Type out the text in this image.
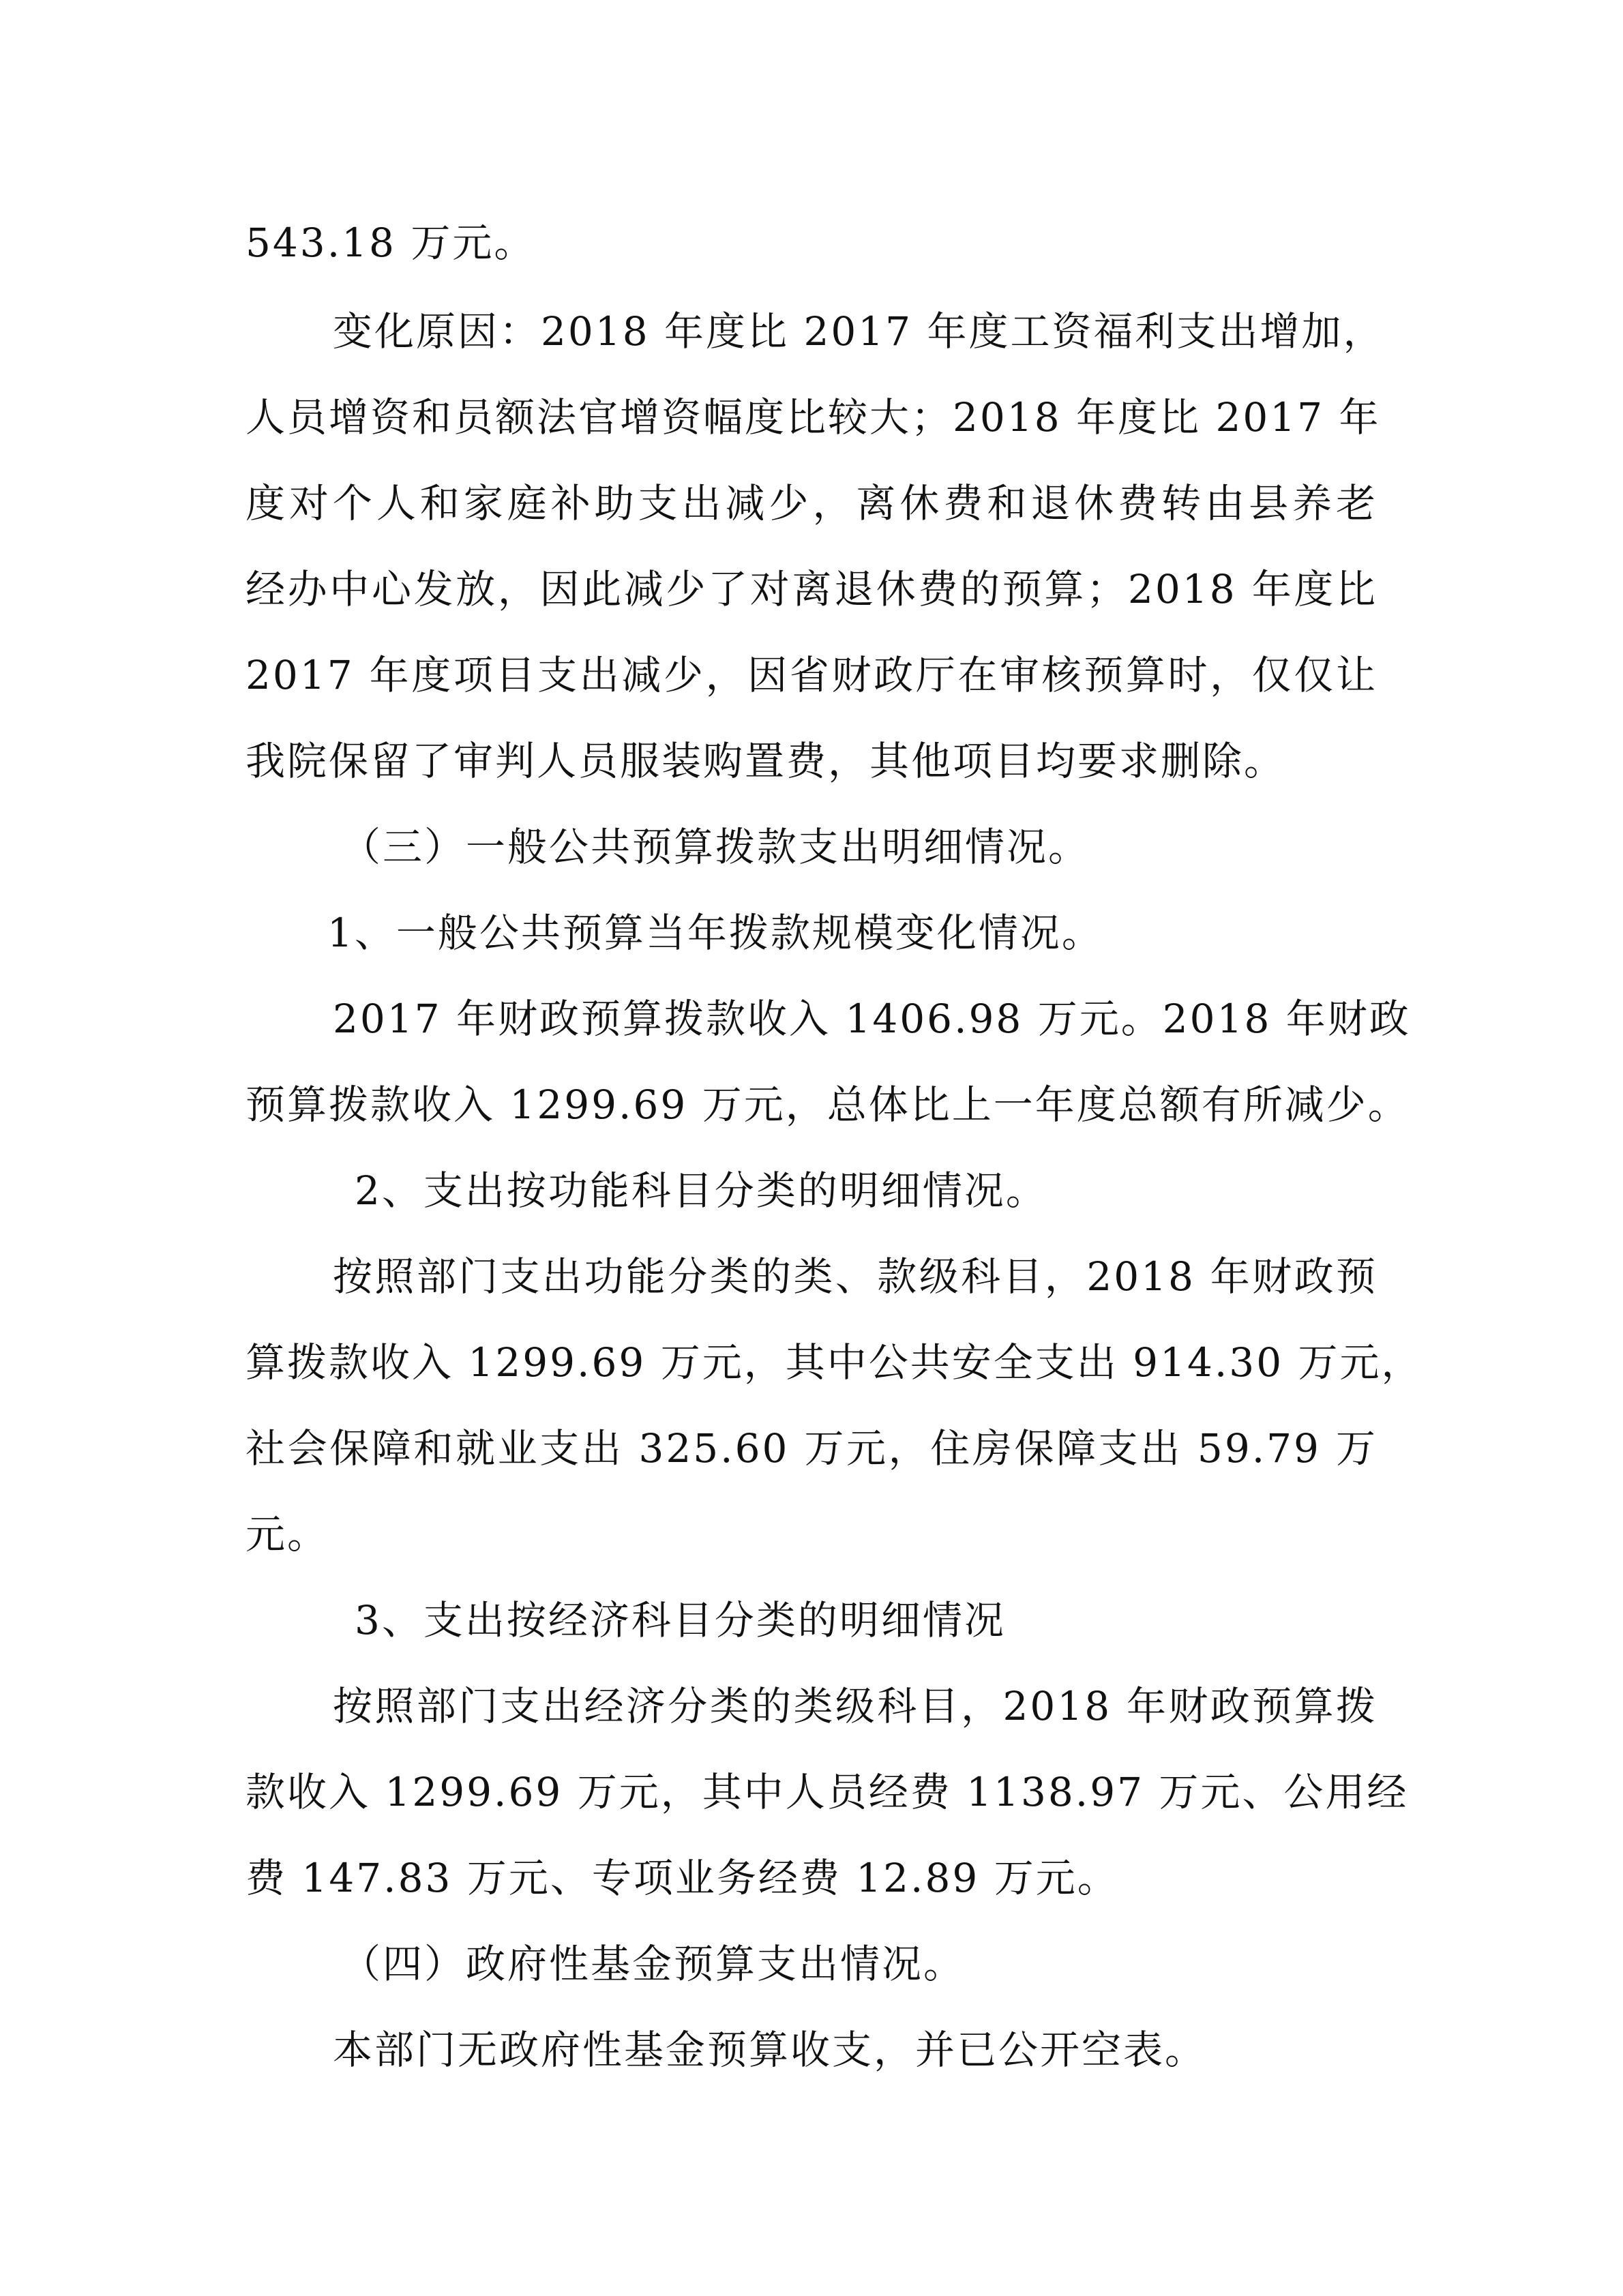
543.18 万元。
变化原因：2018 年度比 2017 年度工资福利支出增加，
人员增资和员额法官增资幅度比较大；2018 年度比 2017 年
度对个人和家庭补助支出减少，离休费和退休费转由县养老
经办中心发放，因此减少了对离退休费的预算；2018 年度比
2017 年度项目支出减少，因省财政厅在审核预算时，仅仅让
我院保留了审判人员服装购置费，其他项目均要求删除。
（三）一般公共预算拨款支出明细情况。
1、一般公共预算当年拨款规模变化情况。
2017 年财政预算拨款收入 1406.98 万元。2018 年财政
预算拨款收入 1299.69 万元，总体比上一年度总额有所减少。
2、支出按功能科目分类的明细情况。
按照部门支出功能分类的类、款级科目，2018 年财政预
算拨款收入 1299.69 万元，其中公共安全支出 914.30 万元，
社会保障和就业支出 325.60 万元，住房保障支出 59.79 万
元。
3、支出按经济科目分类的明细情况
按照部门支出经济分类的类级科目，2018 年财政预算拨
款收入 1299.69 万元，其中人员经费 1138.97 万元、公用经
费 147.83 万元、专项业务经费 12.89 万元。
（四）政府性基金预算支出情况。
本部门无政府性基金预算收支，并已公开空表。
